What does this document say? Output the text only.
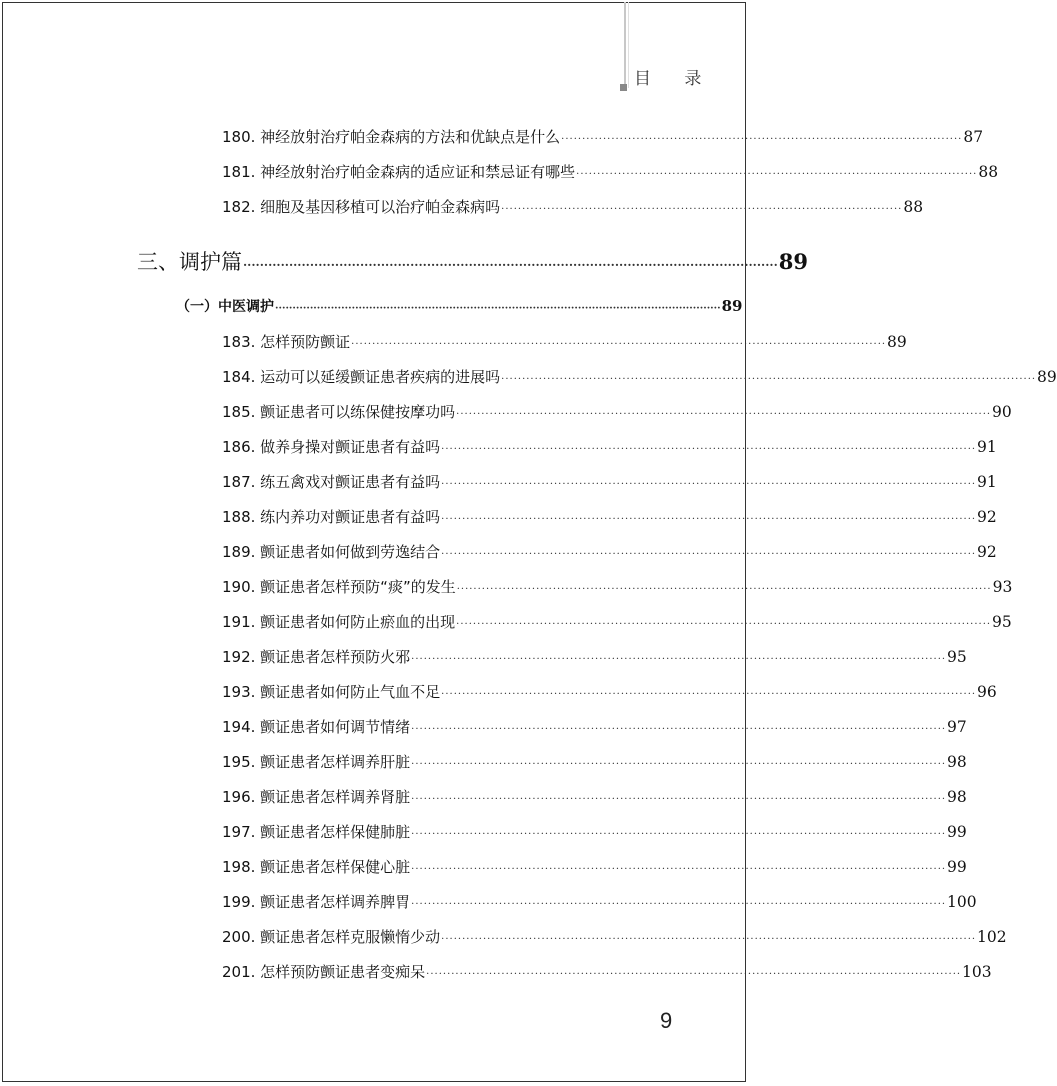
目 录
180. 神经放射治疗帕金森病的方法和优缺点是什么 ································································································ 87
181. 神经放射治疗帕金森病的适应证和禁忌证有哪些 ································································································ 88
182. 细胞及基因移植可以治疗帕金森病吗 ································································································ 88
三、调护篇 ································································································································ 89
（一）中医调护 ································································································································ 89
183. 怎样预防颤证 ································································································································ 89
184. 运动可以延缓颤证患者疾病的进展吗 ································································································································ 89
185. 颤证患者可以练保健按摩功吗 ································································································································ 90
186. 做养身操对颤证患者有益吗 ································································································································ 91
187. 练五禽戏对颤证患者有益吗 ································································································································ 91
188. 练内养功对颤证患者有益吗 ································································································································ 92
189. 颤证患者如何做到劳逸结合 ································································································································ 92
190. 颤证患者怎样预防“痰”的发生 ································································································································ 93
191. 颤证患者如何防止瘀血的出现 ································································································································ 95
192. 颤证患者怎样预防火邪 ································································································································ 95
193. 颤证患者如何防止气血不足 ································································································································ 96
194. 颤证患者如何调节情绪 ································································································································ 97
195. 颤证患者怎样调养肝脏 ································································································································ 98
196. 颤证患者怎样调养肾脏 ································································································································ 98
197. 颤证患者怎样保健肺脏 ································································································································ 99
198. 颤证患者怎样保健心脏 ································································································································ 99
199. 颤证患者怎样调养脾胃 ································································································································ 100
200. 颤证患者怎样克服懒惰少动 ································································································································ 102
201. 怎样预防颤证患者变痴呆 ································································································································ 103
9
